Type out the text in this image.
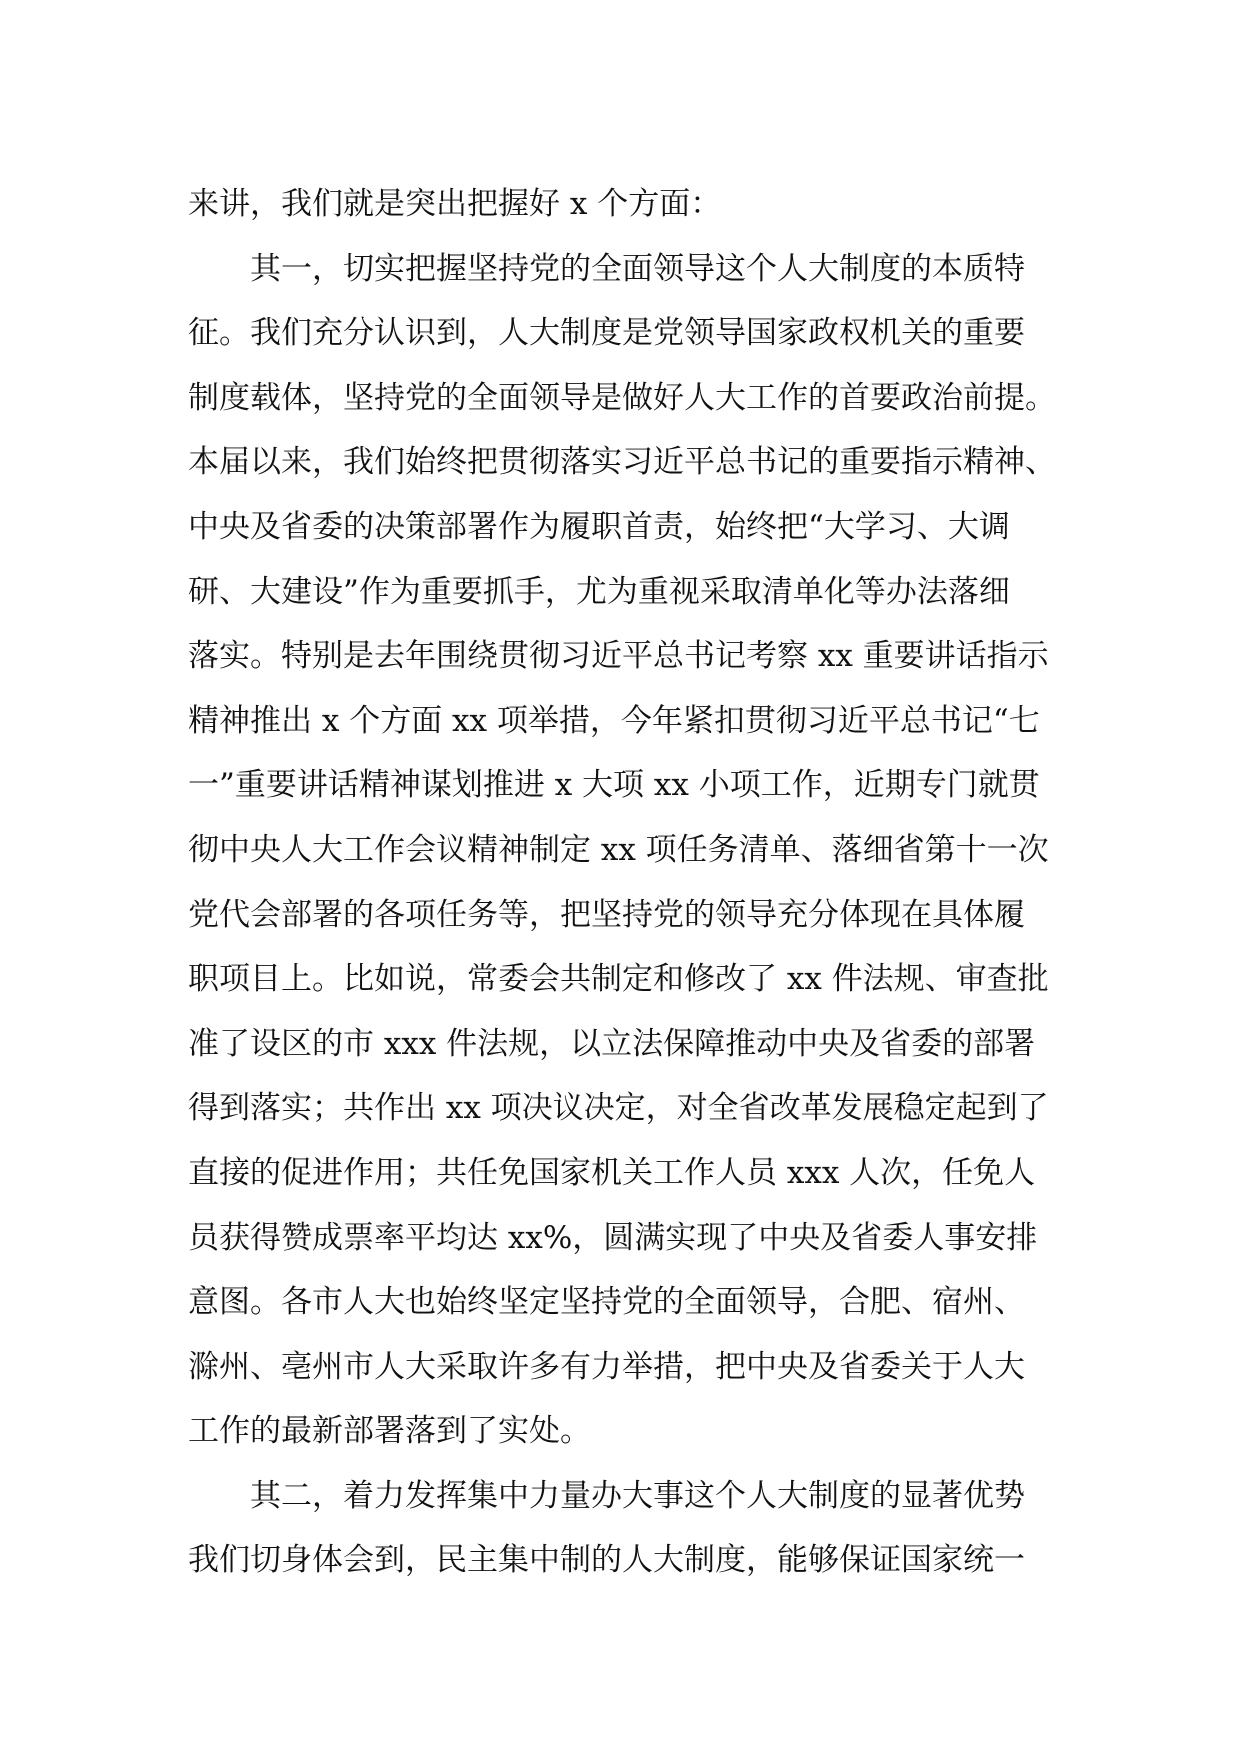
来讲，我们就是突出把握好 x 个方面：
其一，切实把握坚持党的全面领导这个人大制度的本质特
征。我们充分认识到，人大制度是党领导国家政权机关的重要
制度载体，坚持党的全面领导是做好人大工作的首要政治前提。
本届以来，我们始终把贯彻落实习近平总书记的重要指示精神、
中央及省委的决策部署作为履职首责，始终把“大学习、大调
研、大建设”作为重要抓手，尤为重视采取清单化等办法落细
落实。特别是去年围绕贯彻习近平总书记考察 xx 重要讲话指示
精神推出 x 个方面 xx 项举措，今年紧扣贯彻习近平总书记“七
一”重要讲话精神谋划推进 x 大项 xx 小项工作，近期专门就贯
彻中央人大工作会议精神制定 xx 项任务清单、落细省第十一次
党代会部署的各项任务等，把坚持党的领导充分体现在具体履
职项目上。比如说，常委会共制定和修改了 xx 件法规、审查批
准了设区的市 xxx 件法规，以立法保障推动中央及省委的部署
得到落实；共作出 xx 项决议决定，对全省改革发展稳定起到了
直接的促进作用；共任免国家机关工作人员 xxx 人次，任免人
员获得赞成票率平均达 xx%，圆满实现了中央及省委人事安排
意图。各市人大也始终坚定坚持党的全面领导，合肥、宿州、
滁州、亳州市人大采取许多有力举措，把中央及省委关于人大
工作的最新部署落到了实处。
其二，着力发挥集中力量办大事这个人大制度的显著优势
我们切身体会到，民主集中制的人大制度，能够保证国家统一
